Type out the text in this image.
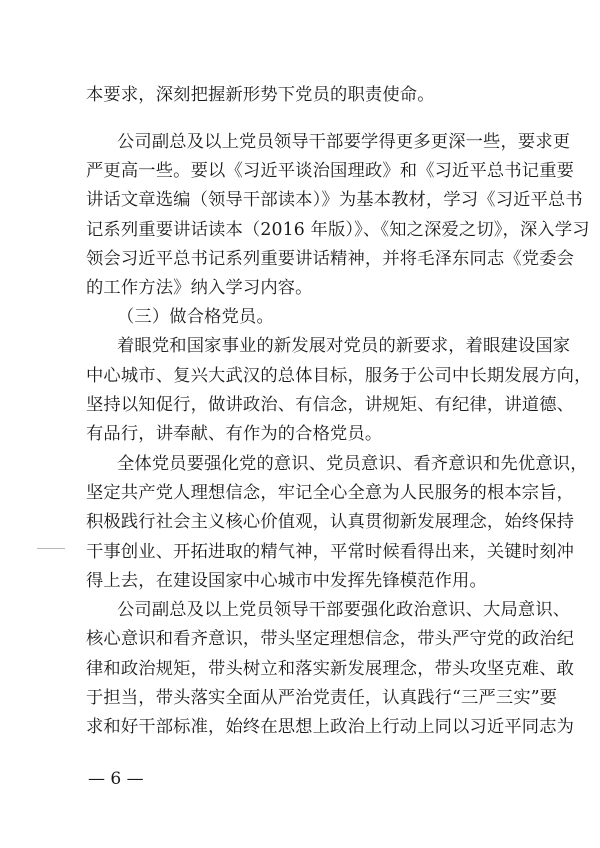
本要求，深刻把握新形势下党员的职责使命。
公司副总及以上党员领导干部要学得更多更深一些，要求更
严更高一些。要以《习近平谈治国理政》和《习近平总书记重要
讲话文章选编（领导干部读本）》为基本教材，学习《习近平总书
记系列重要讲话读本（2016 年版）》、《知之深爱之切》，深入学习
领会习近平总书记系列重要讲话精神，并将毛泽东同志《党委会
的工作方法》纳入学习内容。
（三）做合格党员。
着眼党和国家事业的新发展对党员的新要求，着眼建设国家
中心城市、复兴大武汉的总体目标，服务于公司中长期发展方向，
坚持以知促行，做讲政治、有信念，讲规矩、有纪律，讲道德、
有品行，讲奉献、有作为的合格党员。
全体党员要强化党的意识、党员意识、看齐意识和先优意识，
坚定共产党人理想信念，牢记全心全意为人民服务的根本宗旨，
积极践行社会主义核心价值观，认真贯彻新发展理念，始终保持
干事创业、开拓进取的精气神，平常时候看得出来，关键时刻冲
得上去，在建设国家中心城市中发挥先锋模范作用。
公司副总及以上党员领导干部要强化政治意识、大局意识、
核心意识和看齐意识，带头坚定理想信念，带头严守党的政治纪
律和政治规矩，带头树立和落实新发展理念，带头攻坚克难、敢
于担当，带头落实全面从严治党责任，认真践行“三严三实”要
求和好干部标准，始终在思想上政治上行动上同以习近平同志为
— 6 —
